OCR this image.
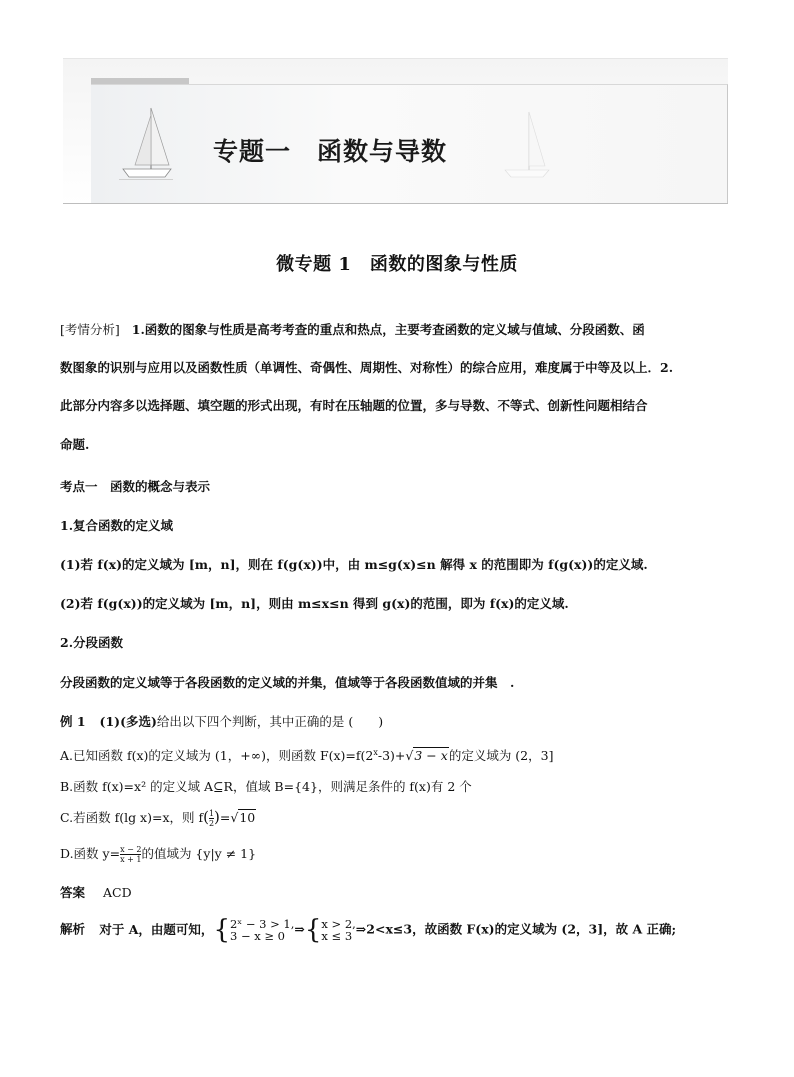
专题一　函数与导数
微专题 1　函数的图象与性质
[考情分析] 1.函数的图象与性质是高考考查的重点和热点，主要考查函数的定义域与值域、分段函数、函
数图象的识别与应用以及函数性质（单调性、奇偶性、周期性、对称性）的综合应用，难度属于中等及以上．2.
此部分内容多以选择题、填空题的形式出现，有时在压轴题的位置，多与导数、不等式、创新性问题相结合
命题.
考点一　函数的概念与表示
1.复合函数的定义域
(1)若 f(x)的定义域为 [m，n]，则在 f(g(x))中，由 m≤g(x)≤n 解得 x 的范围即为 f(g(x))的定义域.
(2)若 f(g(x))的定义域为 [m，n]，则由 m≤x≤n 得到 g(x)的范围，即为 f(x)的定义域.
2.分段函数
分段函数的定义域等于各段函数的定义域的并集，值域等于各段函数值域的并集　.
例 1 (1)(多选)给出以下四个判断，其中正确的是 (　　)
A.已知函数 f(x)的定义域为 (1，+∞)，则函数 $F(x)=f(2^x-3)+√3 - x$的定义域为 (2，3]
B.函数 f(x)=x² 的定义域 A⊆R，值域 B={4}，则满足条件的 f(x)有 2 个
C.若函数 f(lg x)=x，则 $f( \frac{1}{2} )=√10$
D.函数 $y= \frac{x - 2}{x + 1}$ 的值域为 {y|y ≠ 1}
答案 ACD
解析 对于 A，由题可知，{ 2ˣ − 3 > 1,
3 − x ≥ 0 ⇒{ x > 2,
x ≤ 3 ⇒2<x≤3，故函数 F(x)的定义域为 (2，3]，故 A 正确;
